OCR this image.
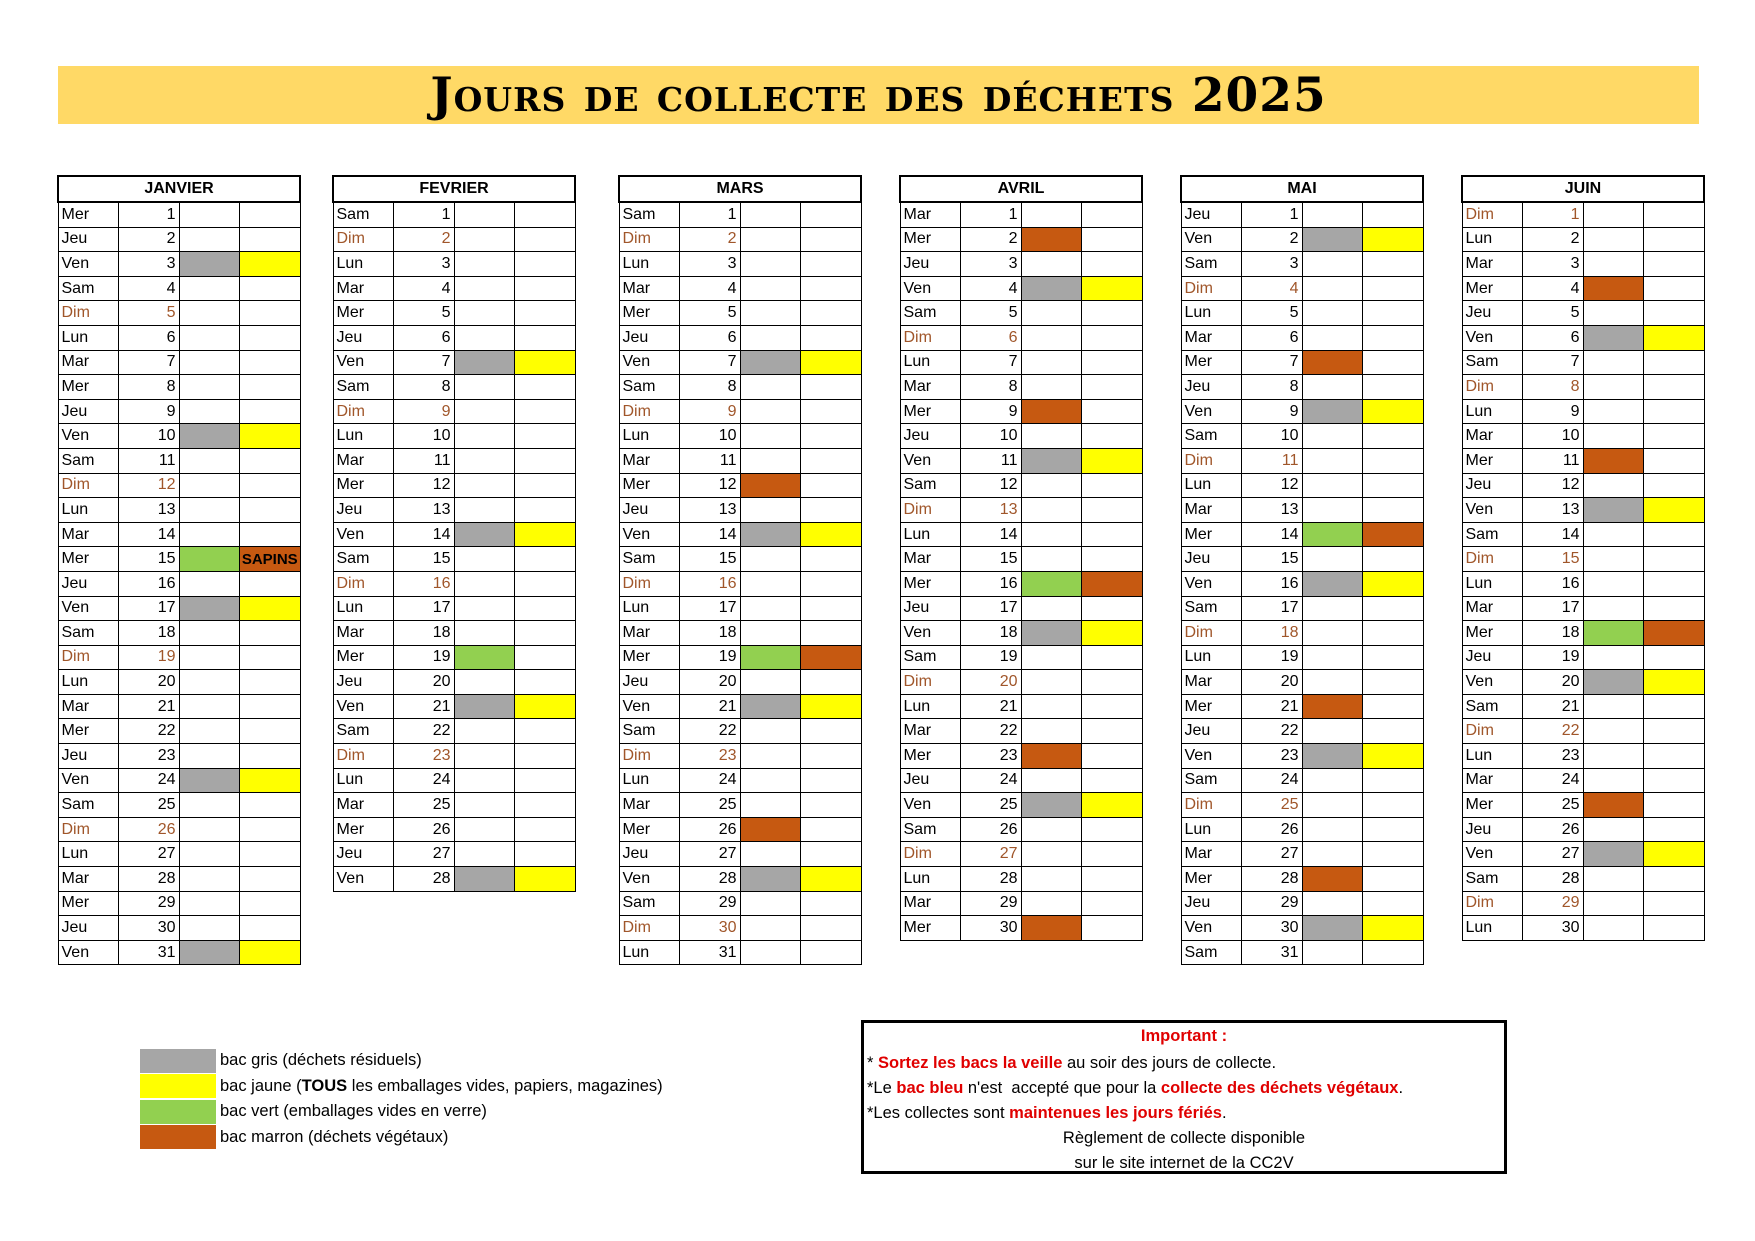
Jours de collecte des déchets 2025
JANVIER			
Mer	1		
Jeu	2		
Ven	3		
Sam	4		
Dim	5		
Lun	6		
Mar	7		
Mer	8		
Jeu	9		
Ven	10		
Sam	11		
Dim	12		
Lun	13		
Mar	14		
Mer	15		SAPINS
Jeu	16		
Ven	17		
Sam	18		
Dim	19		
Lun	20		
Mar	21		
Mer	22		
Jeu	23		
Ven	24		
Sam	25		
Dim	26		
Lun	27		
Mar	28		
Mer	29		
Jeu	30		
Ven	31		
FEVRIER			
Sam	1		
Dim	2		
Lun	3		
Mar	4		
Mer	5		
Jeu	6		
Ven	7		
Sam	8		
Dim	9		
Lun	10		
Mar	11		
Mer	12		
Jeu	13		
Ven	14		
Sam	15		
Dim	16		
Lun	17		
Mar	18		
Mer	19		
Jeu	20		
Ven	21		
Sam	22		
Dim	23		
Lun	24		
Mar	25		
Mer	26		
Jeu	27		
Ven	28		
MARS			
Sam	1		
Dim	2		
Lun	3		
Mar	4		
Mer	5		
Jeu	6		
Ven	7		
Sam	8		
Dim	9		
Lun	10		
Mar	11		
Mer	12		
Jeu	13		
Ven	14		
Sam	15		
Dim	16		
Lun	17		
Mar	18		
Mer	19		
Jeu	20		
Ven	21		
Sam	22		
Dim	23		
Lun	24		
Mar	25		
Mer	26		
Jeu	27		
Ven	28		
Sam	29		
Dim	30		
Lun	31		
AVRIL			
Mar	1		
Mer	2		
Jeu	3		
Ven	4		
Sam	5		
Dim	6		
Lun	7		
Mar	8		
Mer	9		
Jeu	10		
Ven	11		
Sam	12		
Dim	13		
Lun	14		
Mar	15		
Mer	16		
Jeu	17		
Ven	18		
Sam	19		
Dim	20		
Lun	21		
Mar	22		
Mer	23		
Jeu	24		
Ven	25		
Sam	26		
Dim	27		
Lun	28		
Mar	29		
Mer	30		
MAI			
Jeu	1		
Ven	2		
Sam	3		
Dim	4		
Lun	5		
Mar	6		
Mer	7		
Jeu	8		
Ven	9		
Sam	10		
Dim	11		
Lun	12		
Mar	13		
Mer	14		
Jeu	15		
Ven	16		
Sam	17		
Dim	18		
Lun	19		
Mar	20		
Mer	21		
Jeu	22		
Ven	23		
Sam	24		
Dim	25		
Lun	26		
Mar	27		
Mer	28		
Jeu	29		
Ven	30		
Sam	31		
JUIN			
Dim	1		
Lun	2		
Mar	3		
Mer	4		
Jeu	5		
Ven	6		
Sam	7		
Dim	8		
Lun	9		
Mar	10		
Mer	11		
Jeu	12		
Ven	13		
Sam	14		
Dim	15		
Lun	16		
Mar	17		
Mer	18		
Jeu	19		
Ven	20		
Sam	21		
Dim	22		
Lun	23		
Mar	24		
Mer	25		
Jeu	26		
Ven	27		
Sam	28		
Dim	29		
Lun	30		
bac gris (déchets résiduels)
bac jaune (TOUS les emballages vides, papiers, magazines)
bac vert (emballages vides en verre)
bac marron (déchets végétaux)
Important :
* Sortez les bacs la veille au soir des jours de collecte.
*Le bac bleu n'est  accepté que pour la collecte des déchets végétaux .
*Les collectes sont maintenues les jours fériés .
Règlement de collecte disponible
sur le site internet de la CC2V
